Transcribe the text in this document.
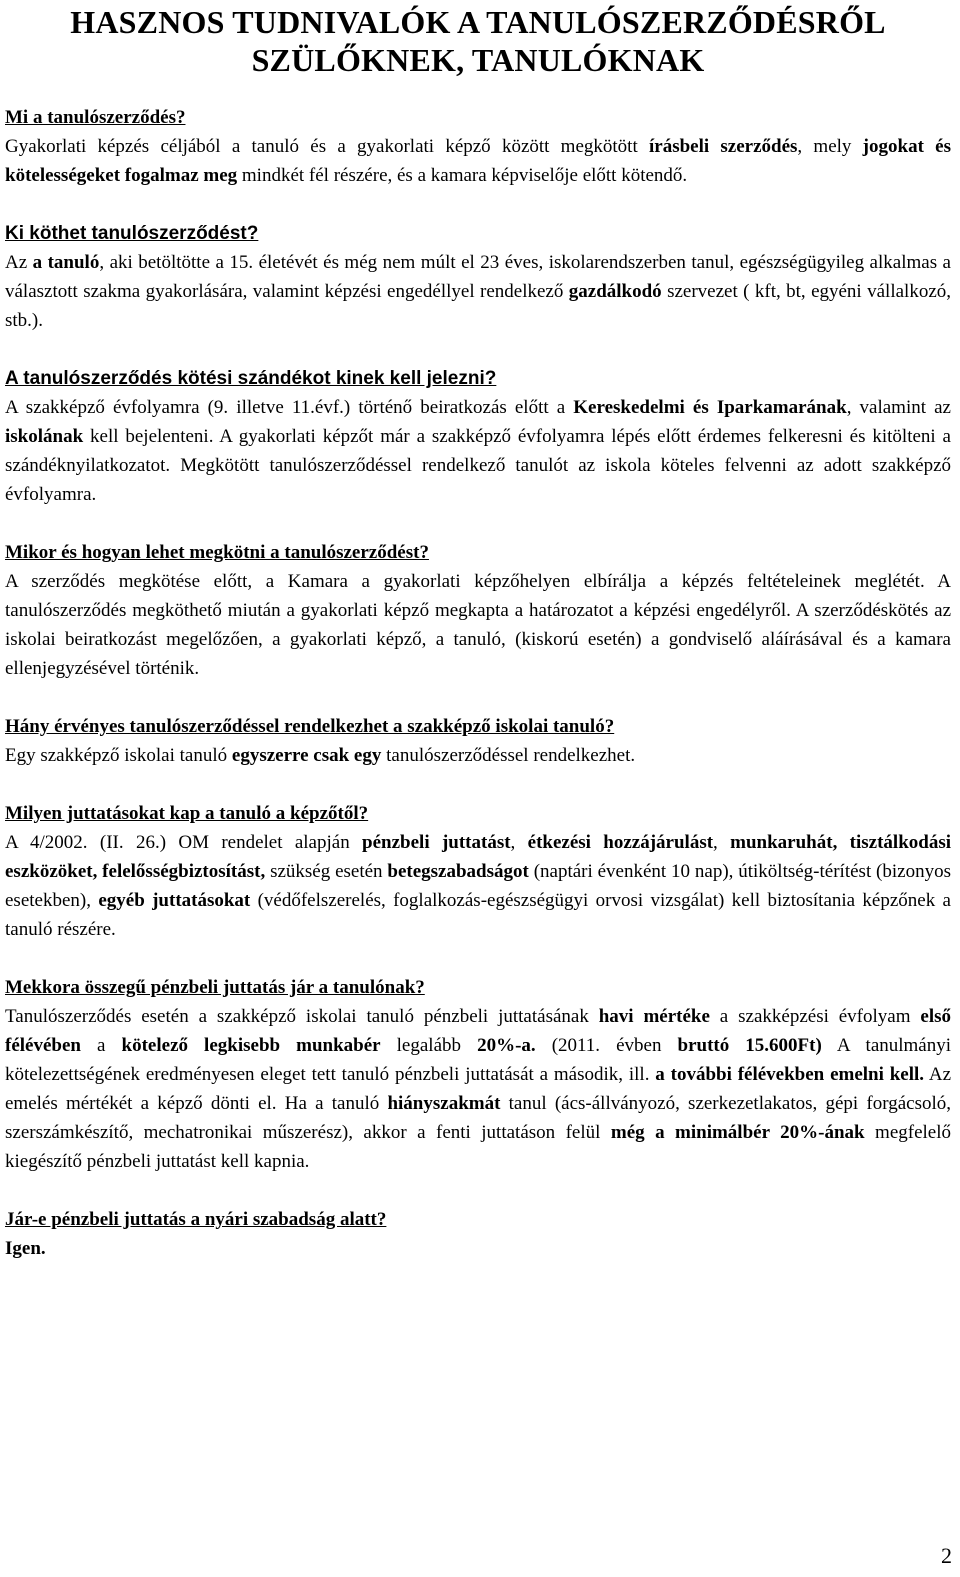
HASZNOS TUDNIVALÓK A TANULÓSZERZŐDÉSRŐL
SZÜLŐKNEK, TANULÓKNAK

Mi a tanulószerződés?

Gyakorlati képzés céljából a tanuló és a gyakorlati képző között megkötött írásbeli szerződés, mely jogokat és kötelességeket fogalmaz meg mindkét fél részére, és a kamara képviselője előtt kötendő.

Ki köthet tanulószerződést?

Az a tanuló, aki betöltötte a 15. életévét és még nem múlt el 23 éves, iskolarendszerben tanul, egészségügyileg alkalmas a választott szakma gyakorlására, valamint képzési engedéllyel rendelkező gazdálkodó szervezet ( kft, bt, egyéni vállalkozó, stb.).

A tanulószerződés kötési szándékot kinek kell jelezni?

A szakképző évfolyamra (9. illetve 11.évf.) történő beiratkozás előtt a Kereskedelmi és Iparkamarának, valamint az iskolának kell bejelenteni. A gyakorlati képzőt már a szakképző évfolyamra lépés előtt érdemes felkeresni és kitölteni a szándéknyilatkozatot. Megkötött tanulószerződéssel rendelkező tanulót az iskola köteles felvenni az adott szakképző évfolyamra.

Mikor és hogyan lehet megkötni a tanulószerződést?

A szerződés megkötése előtt, a Kamara a gyakorlati képzőhelyen elbírálja a képzés feltételeinek meglétét. A tanulószerződés megköthető miután a gyakorlati képző megkapta a határozatot a képzési engedélyről. A szerződéskötés az iskolai beiratkozást megelőzően, a gyakorlati képző, a tanuló, (kiskorú esetén) a gondviselő aláírásával és a kamara ellenjegyzésével történik.

Hány érvényes tanulószerződéssel rendelkezhet a szakképző iskolai tanuló?

Egy szakképző iskolai tanuló egyszerre csak egy tanulószerződéssel rendelkezhet.

Milyen juttatásokat kap a tanuló a képzőtől?

A 4/2002. (II. 26.) OM rendelet alapján pénzbeli juttatást, étkezési hozzájárulást, munkaruhát, tisztálkodási eszközöket, felelősségbiztosítást, szükség esetén betegszabadságot (naptári évenként 10 nap), útiköltség-térítést (bizonyos esetekben), egyéb juttatásokat (védőfelszerelés, foglalkozás-egészségügyi orvosi vizsgálat) kell biztosítania képzőnek a tanuló részére.

Mekkora összegű pénzbeli juttatás jár a tanulónak?

Tanulószerződés esetén a szakképző iskolai tanuló pénzbeli juttatásának havi mértéke a szakképzési évfolyam első félévében a kötelező legkisebb munkabér legalább 20%-a. (2011. évben bruttó 15.600Ft) A tanulmányi kötelezettségének eredményesen eleget tett tanuló pénzbeli juttatását a második, ill. a további félévekben emelni kell. Az emelés mértékét a képző dönti el. Ha a tanuló hiányszakmát tanul (ács-állványozó, szerkezetlakatos, gépi forgácsoló, szerszámkészítő, mechatronikai műszerész), akkor a fenti juttatáson felül még a minimálbér 20%-ának megfelelő kiegészítő pénzbeli juttatást kell kapnia.

Jár-e pénzbeli juttatás a nyári szabadság alatt?

Igen.

2
